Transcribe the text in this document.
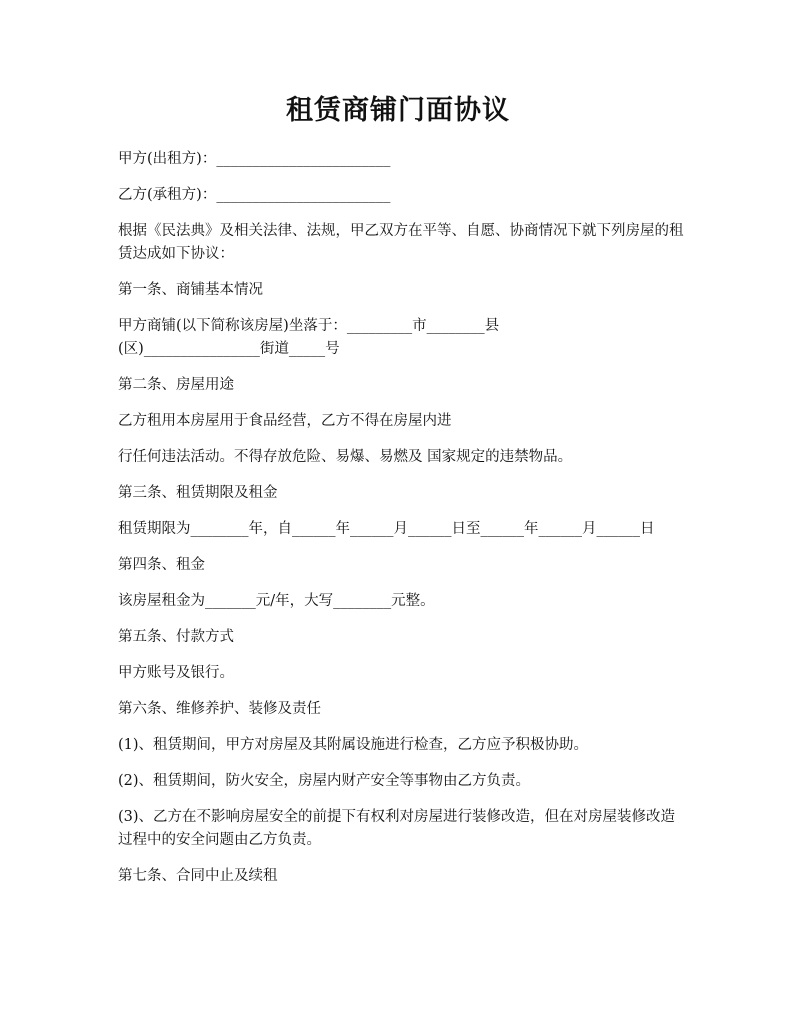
租赁商铺门面协议

甲方(出租方)：________________________

乙方(承租方)：________________________

根据《民法典》及相关法律、法规，甲乙双方在平等、自愿、协商情况下就下列房屋的租赁达成如下协议：

第一条、商铺基本情况

甲方商铺(以下简称该房屋)坐落于：_________市________县
(区)________________街道_____号

第二条、房屋用途

乙方租用本房屋用于食品经营，乙方不得在房屋内进

行任何违法活动。不得存放危险、易爆、易燃及 国家规定的违禁物品。

第三条、租赁期限及租金

租赁期限为________年，自______年______月______日至______年______月______日

第四条、租金

该房屋租金为_______元/年，大写________元整。

第五条、付款方式

甲方账号及银行。

第六条、维修养护、装修及责任

(1)、租赁期间，甲方对房屋及其附属设施进行检查，乙方应予积极协助。

(2)、租赁期间，防火安全，房屋内财产安全等事物由乙方负责。

(3)、乙方在不影响房屋安全的前提下有权利对房屋进行装修改造，但在对房屋装修改造过程中的安全问题由乙方负责。

第七条、合同中止及续租
